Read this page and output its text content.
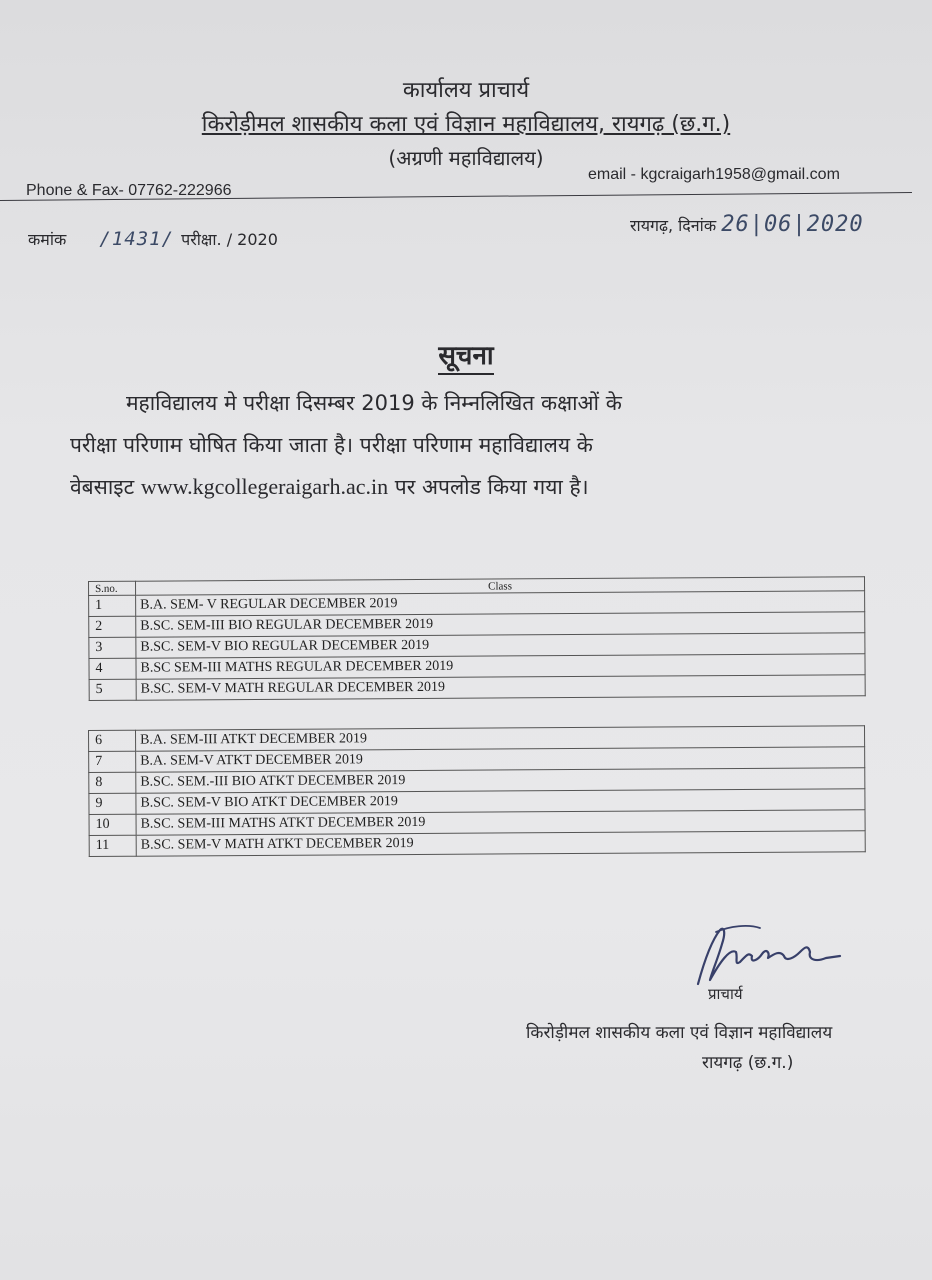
कार्यालय प्राचार्य
किरोड़ीमल शासकीय कला एवं विज्ञान महाविद्यालय, रायगढ़ (छ.ग.)
(अग्रणी महाविद्यालय)
Phone & Fax- 07762-222966
email - kgcraigarh1958@gmail.com
कमांक /1431/ परीक्षा. / 2020
रायगढ़, दिनांक 26|06|2020
सूचना
महाविद्यालय मे परीक्षा दिसम्बर 2019 के निम्नलिखित कक्षाओं के
परीक्षा परिणाम घोषित किया जाता है। परीक्षा परिणाम महाविद्यालय के
वेबसाइट www.kgcollegeraigarh.ac.in पर अपलोड किया गया है।
S.no.	Class
1	B.A. SEM- V REGULAR DECEMBER 2019
2	B.SC. SEM-III BIO REGULAR DECEMBER 2019
3	B.SC. SEM-V BIO REGULAR DECEMBER 2019
4	B.SC SEM-III MATHS REGULAR DECEMBER 2019
5	B.SC. SEM-V MATH REGULAR DECEMBER 2019
6	B.A. SEM-III ATKT DECEMBER 2019
7	B.A. SEM-V ATKT DECEMBER 2019
8	B.SC. SEM.-III BIO ATKT DECEMBER 2019
9	B.SC. SEM-V BIO ATKT DECEMBER 2019
10	B.SC. SEM-III MATHS ATKT DECEMBER 2019
11	B.SC. SEM-V MATH ATKT DECEMBER 2019
प्राचार्य
किरोड़ीमल शासकीय कला एवं विज्ञान महाविद्यालय
रायगढ़ (छ.ग.)
